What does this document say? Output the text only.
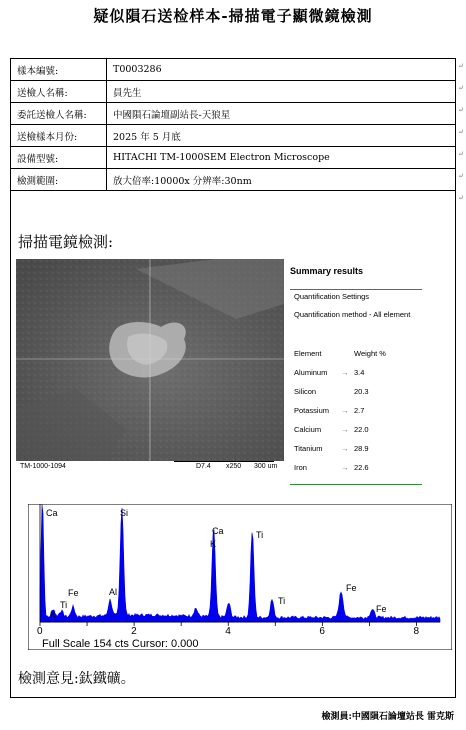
疑似隕石送检样本-掃描電子顯微鏡檢測
樣本編號:	T0003286
送檢人名稱:	員先生
委託送檢人名稱:	中國隕石論壇副站長-天狼星
送檢樣本月份:	2025 年 5 月底
設備型號:	HITACHI TM-1000SEM Electron Microscope
檢測範圍:	放大倍率:10000x 分辨率:30nm
掃描電鏡檢測:
TM-1000-1094	D7.4 x250 300 um
Summary results
Quantification Settings
Quantification method - All element
Element	Weight %
Aluminum → 3.4
Silicon	20.3
Potassium → 2.7
Calcium	→ 22.0
Titanium → 28.9
Iron	→ 22.6
0	2	4	6	8
Ca
K
Ti
Fe	Al
Si
Ca
K
Ti
Ti
Fe
Fe
Full Scale 154 cts Cursor: 0.000
檢測意見:鈦鐵礦。
檢測員:中國隕石論壇站長 雷克斯
↵
↵
↵
↵
↵
↵
↵
